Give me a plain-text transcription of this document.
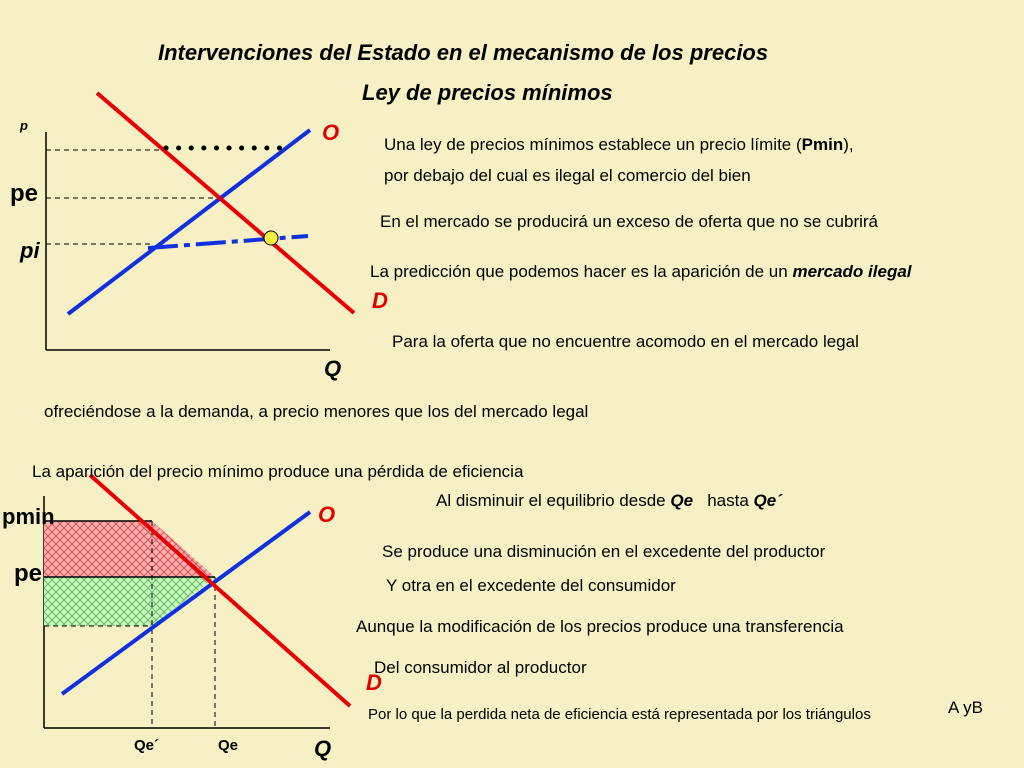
Intervenciones del Estado en el mecanismo de los precios
Ley de precios mínimos
p
Q
pe
pi
O
D
pmin
pe
O
D
Q
Qe´	Qe
Una ley de precios mínimos establece un precio límite (Pmin),
por debajo del cual es ilegal el comercio del bien
En el mercado se producirá un exceso de oferta que no se cubrirá
La predicción que podemos hacer es la aparición de un mercado ilegal
Para la oferta que no encuentre acomodo en el mercado legal
ofreciéndose a la demanda, a precio menores que los del mercado legal
La aparición del precio mínimo produce una pérdida de eficiencia
Al disminuir el equilibrio desde Qe hasta Qe´
Se produce una disminución en el excedente del productor
Y otra en el excedente del consumidor
Aunque la modificación de los precios produce una transferencia
Del consumidor al productor
Por lo que la perdida neta de eficiencia está representada por los triángulos	A yB
